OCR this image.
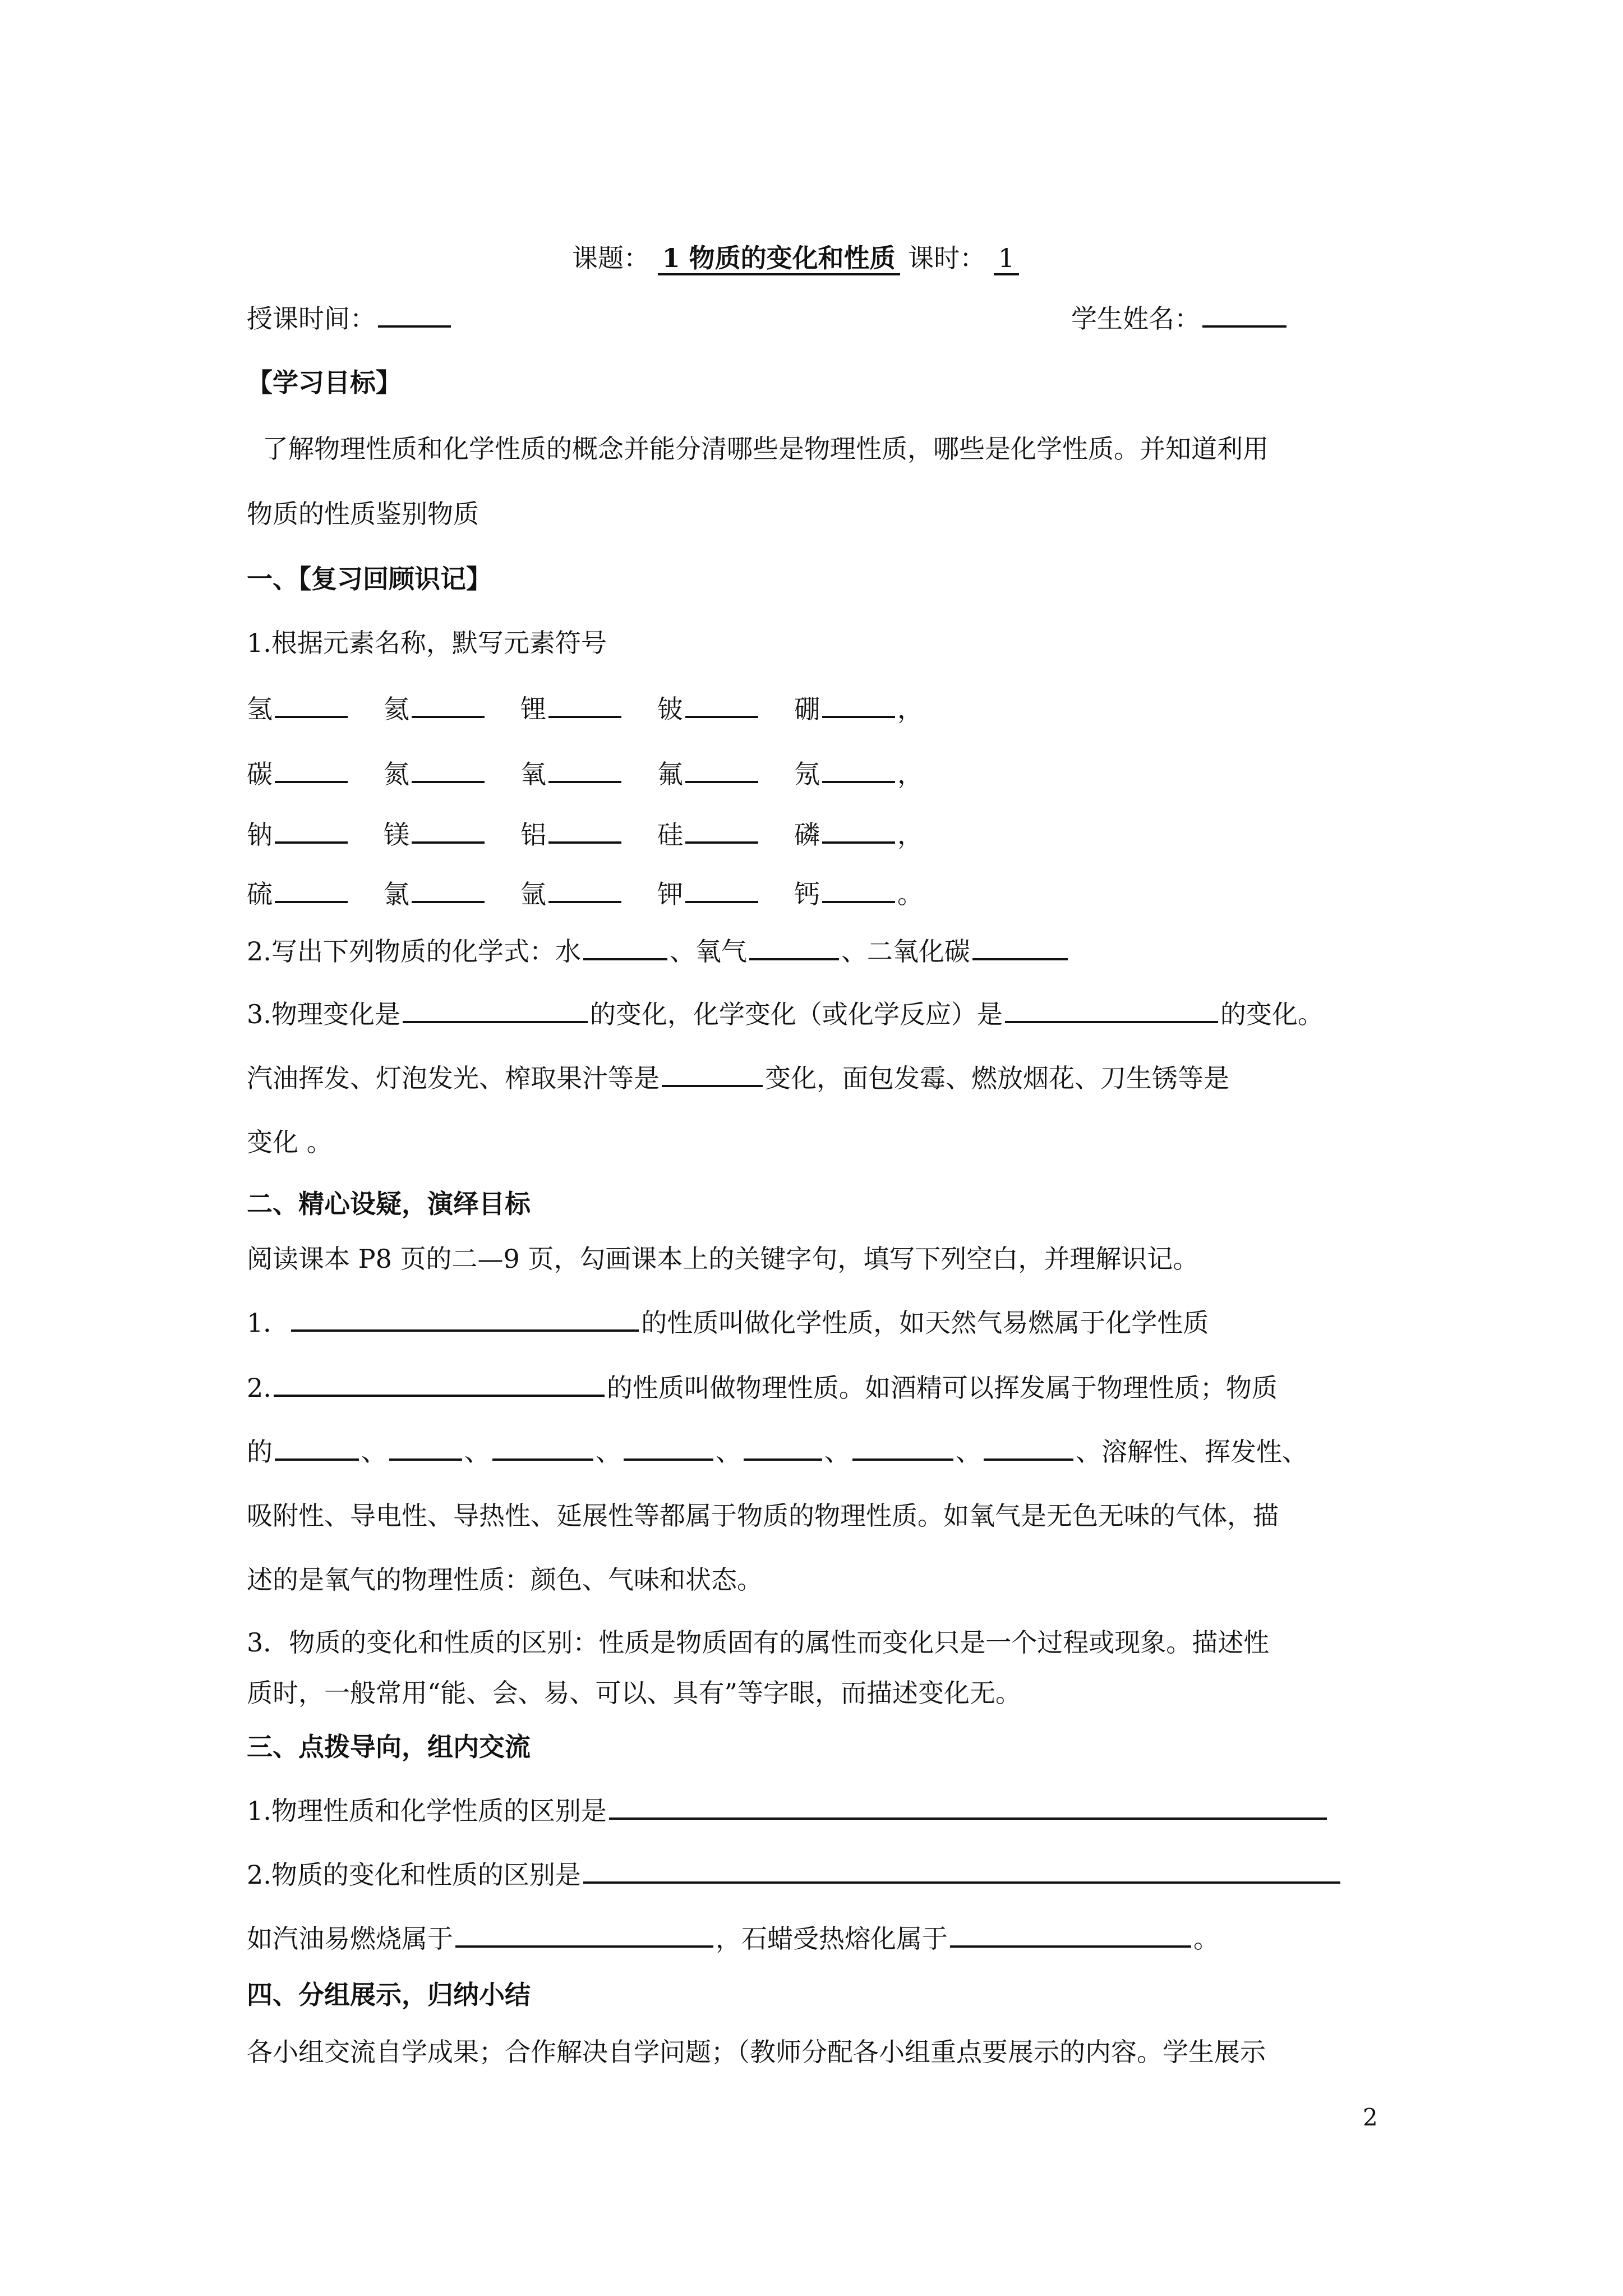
课题： 1 物质的变化和性质 课时： 1
授课时间：	学生姓名：
【学习目标】
了解物理性质和化学性质的概念并能分清哪些是物理性质，哪些是化学性质。并知道利用
物质的性质鉴别物质
一、【复习回顾识记】
1.根据元素名称，默写元素符号
氢	氦	锂	铍	硼	，
碳	氮	氧	氟	氖	，
钠	镁	铝	硅	磷	，
硫	氯	氩	钾	钙	。
2.写出下列物质的化学式：水	、氧气	、二氧化碳
3.物理变化是	的变化，化学变化（或化学反应）是	的变化。
汽油挥发、灯泡发光、榨取果汁等是	变化，面包发霉、燃放烟花、刀生锈等是
变化 。
二、精心设疑，演绎目标
阅读课本 P8 页的二—9 页，勾画课本上的关键字句，填写下列空白，并理解识记。
1．	的性质叫做化学性质，如天然气易燃属于化学性质
2.	的性质叫做物理性质。如酒精可以挥发属于物理性质；物质
的	、	、	、	、	、	、	、溶解性、挥发性、
吸附性、导电性、导热性、延展性等都属于物质的物理性质。如氧气是无色无味的气体，描
述的是氧气的物理性质：颜色、气味和状态。
3．物质的变化和性质的区别：性质是物质固有的属性而变化只是一个过程或现象。描述性
质时，一般常用“能、会、易、可以、具有”等字眼，而描述变化无。
三、点拨导向，组内交流
1.物理性质和化学性质的区别是
2.物质的变化和性质的区别是
如汽油易燃烧属于	，石蜡受热熔化属于	。
四、分组展示，归纳小结
各小组交流自学成果；合作解决自学问题；（教师分配各小组重点要展示的内容。学生展示
2
